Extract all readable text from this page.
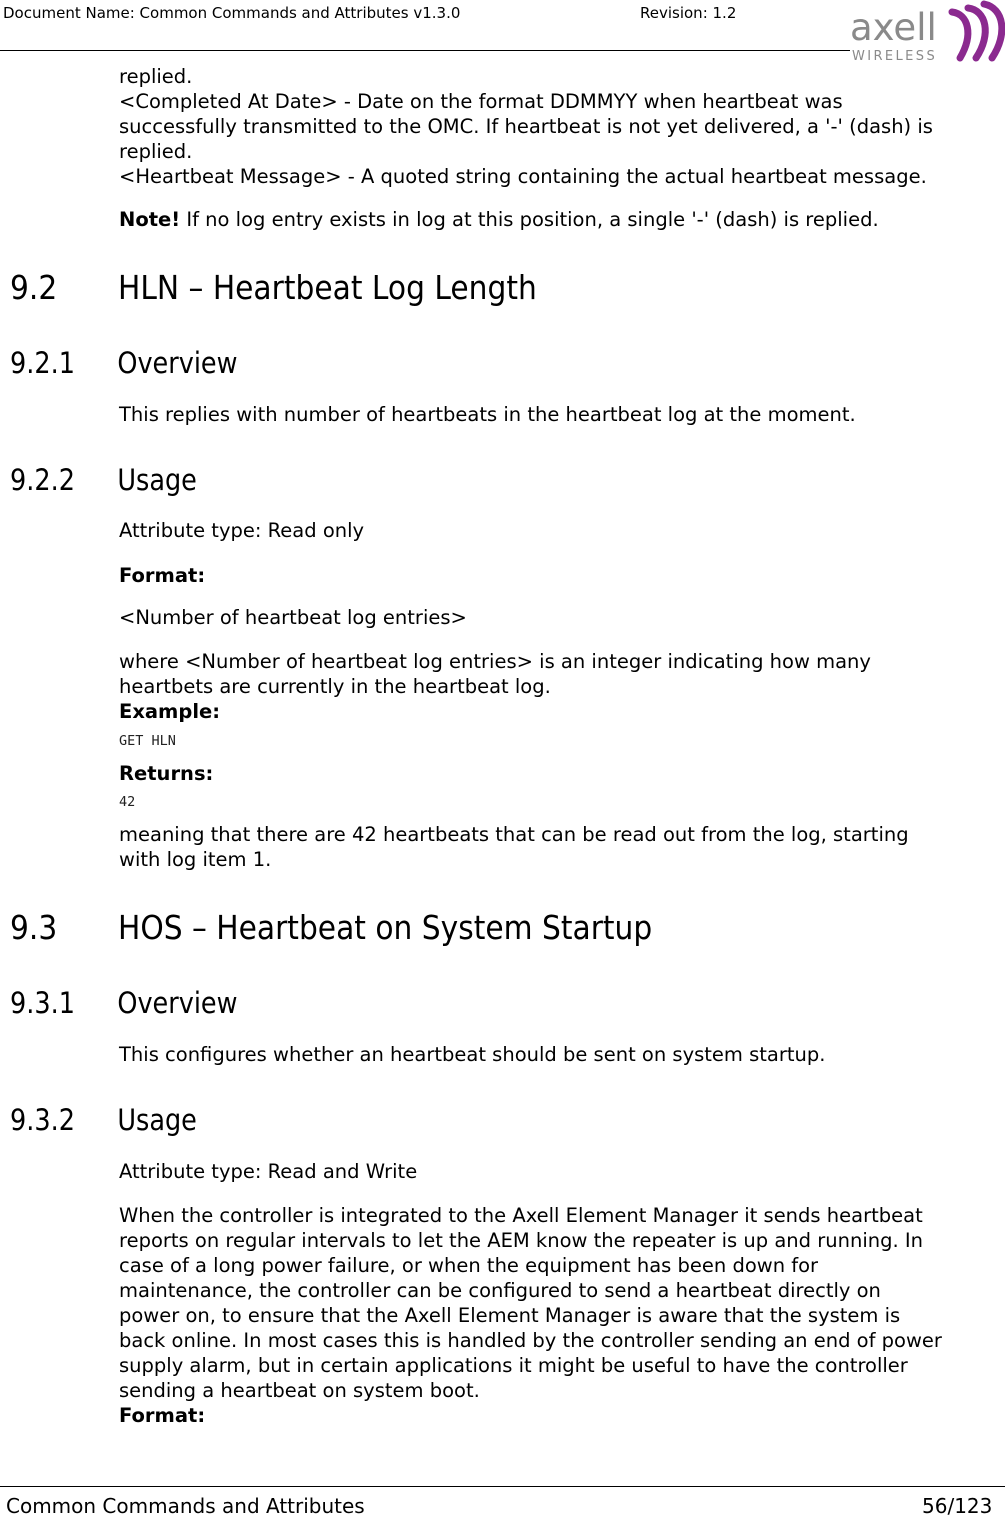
Document Name: Common Commands and Attributes v1.3.0	Revision: 1.2	axell
WIRELESS

replied.

<Completed At Date> - Date on the format DDMMYY when heartbeat was

successfully transmitted to the OMC. If heartbeat is not yet delivered, a '-' (dash) is

replied.

<Heartbeat Message> - A quoted string containing the actual heartbeat message.

Note! If no log entry exists in log at this position, a single '-' (dash) is replied.

9.2 HLN – Heartbeat Log Length
9.2.1 Overview

This replies with number of heartbeats in the heartbeat log at the moment.

9.2.2 Usage

Attribute type: Read only

Format:

<Number of heartbeat log entries>

where <Number of heartbeat log entries> is an integer indicating how many

heartbets are currently in the heartbeat log.

Example:

GET HLN

Returns:

42

meaning that there are 42 heartbeats that can be read out from the log, starting

with log item 1.

9.3 HOS – Heartbeat on System Startup
9.3.1 Overview

This configures whether an heartbeat should be sent on system startup.

9.3.2 Usage

Attribute type: Read and Write

When the controller is integrated to the Axell Element Manager it sends heartbeat

reports on regular intervals to let the AEM know the repeater is up and running. In

case of a long power failure, or when the equipment has been down for

maintenance, the controller can be configured to send a heartbeat directly on

power on, to ensure that the Axell Element Manager is aware that the system is

back online. In most cases this is handled by the controller sending an end of power

supply alarm, but in certain applications it might be useful to have the controller

sending a heartbeat on system boot.

Format:

Common Commands and Attributes	56/123
